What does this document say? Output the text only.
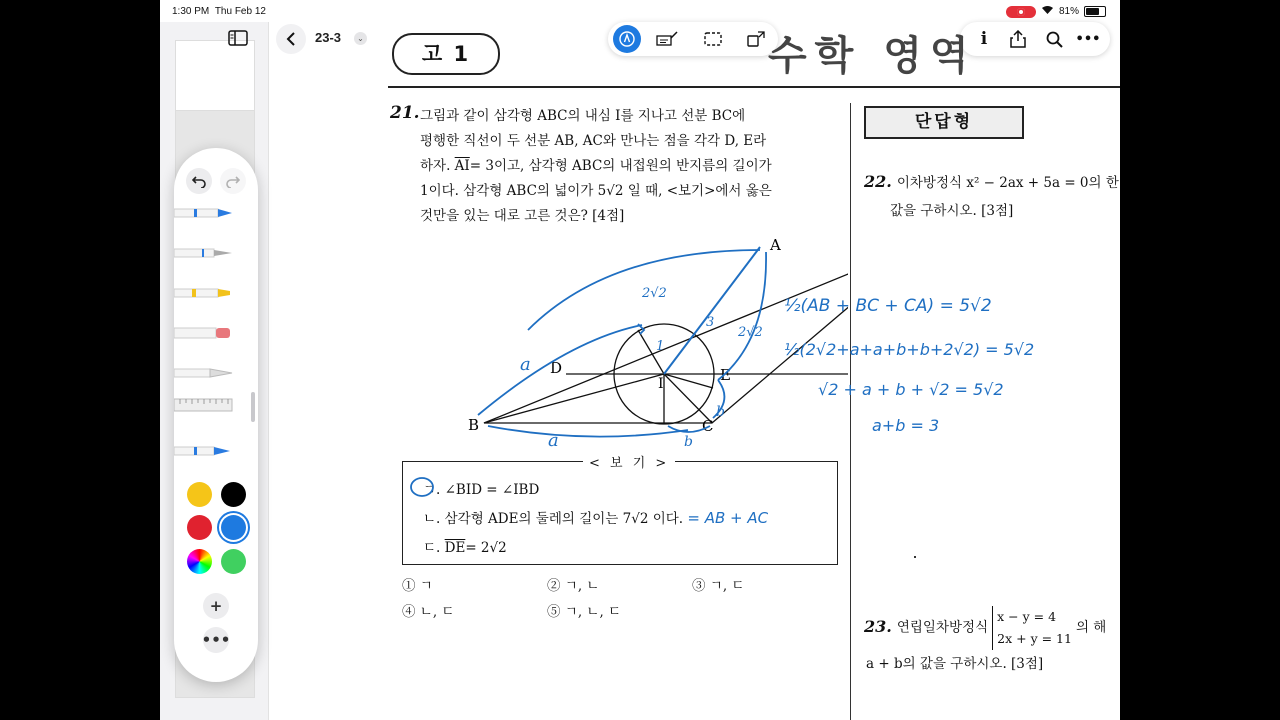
1:30 PM Thu Feb 12	81%
+
•••
23-3	⌄	i	•••
고 1	수학 영역
21. 그림과 같이 삼각형 ABC의 내심 I를 지나고 선분 BC에
평행한 직선이 두 선분 AB, AC와 만나는 점을 각각 D, E라
하자. $\overline{AI}= 3$이고, 삼각형 ABC의 내접원의 반지름의 길이가
1이다. 삼각형 ABC의 넓이가 5√2 일 때, <보기>에서 옳은
것만을 있는 대로 고른 것은? [4점]
A
B	C
D	E
I
2√2
3
2√2
1
a
a
b
b
½(AB + BC + CA) = 5√2
½(2√2+a+a+b+b+2√2) = 5√2
√2 + a + b + √2 = 5√2
a+b = 3
< 보 기 >
ㄱ. ∠BID = ∠IBD
ㄴ. 삼각형 ADE의 둘레의 길이는 7√2 이다. = AB + AC
ㄷ. $\overline{DE}= 2√2$
① ㄱ	② ㄱ, ㄴ	③ ㄱ, ㄷ
④ ㄴ, ㄷ	⑤ ㄱ, ㄴ, ㄷ
단답형
22. 이차방정식 x² − 2ax + 5a = 0의 한
값을 구하시오. [3점]
23. 연립일차방정식
x − y = 4
2x + y = 11
의 해
a + b의 값을 구하시오. [3점]
